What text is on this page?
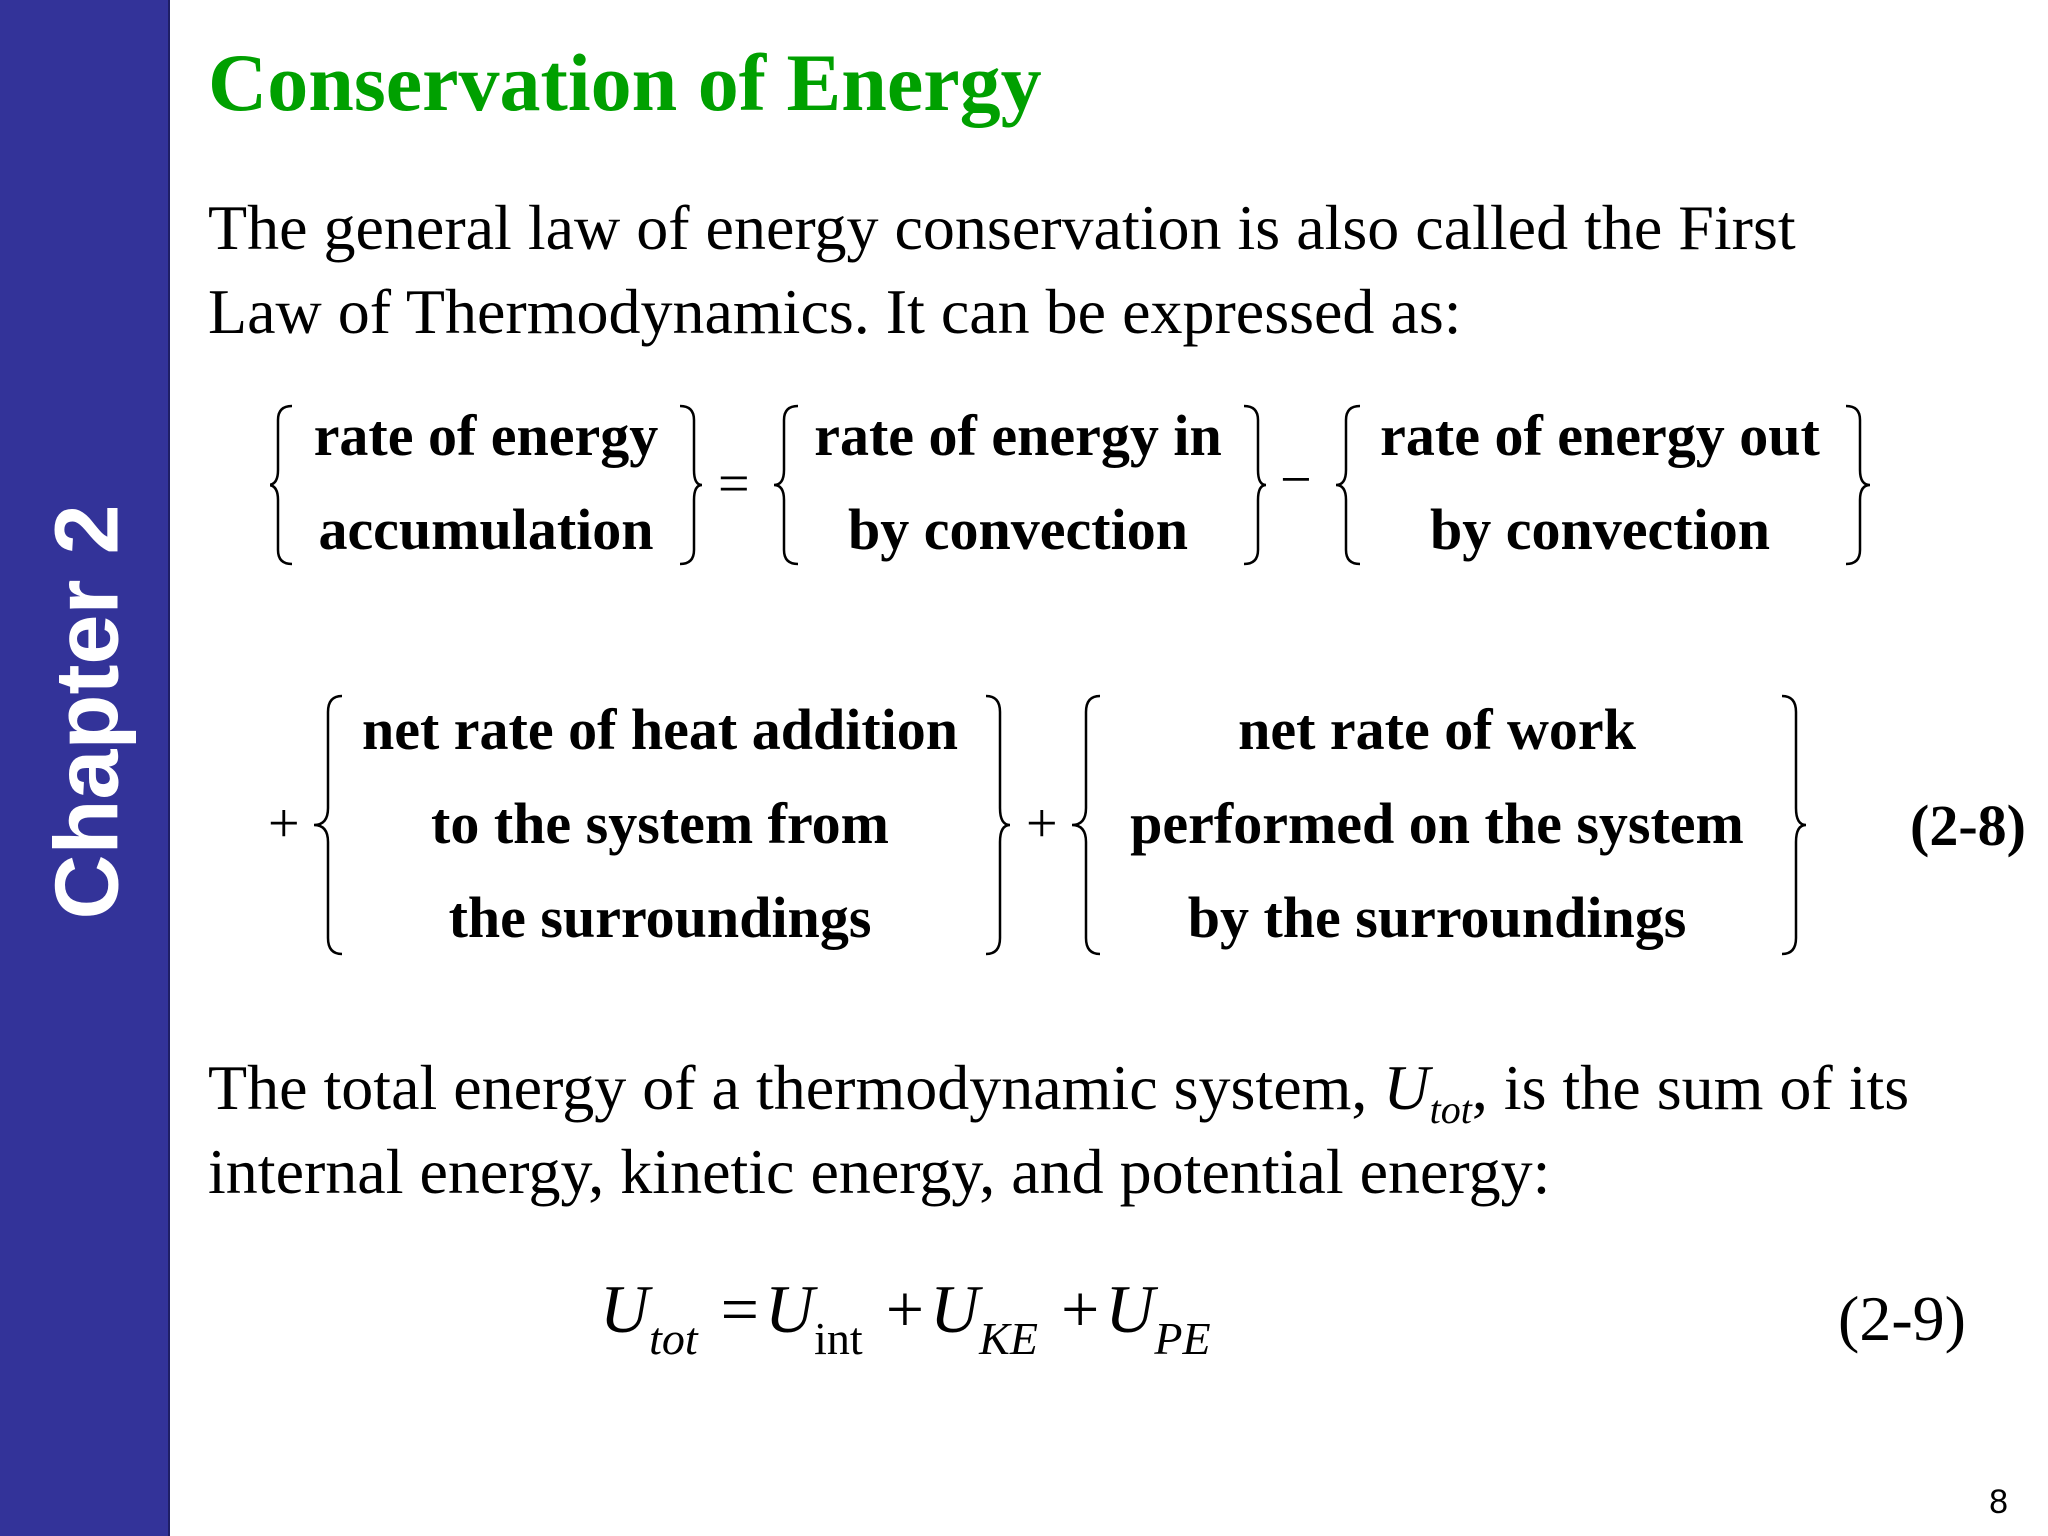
Chapter 2
Conservation of Energy
The general law of energy conservation is also called the First
Law of Thermodynamics. It can be expressed as:
rate of energy
accumulation
=
rate of energy in
by convection
−
rate of energy out
by convection
+
net rate of heat addition
to the system from
the surroundings
+
net rate of work
performed on the system
by the surroundings
(2-8)
The total energy of a thermodynamic system, $U_{tot}$, is the sum of its
internal energy, kinetic energy, and potential energy:
$U_{tot} =U_{int} +U_{KE} +U_{PE}$	(2-9)
8
